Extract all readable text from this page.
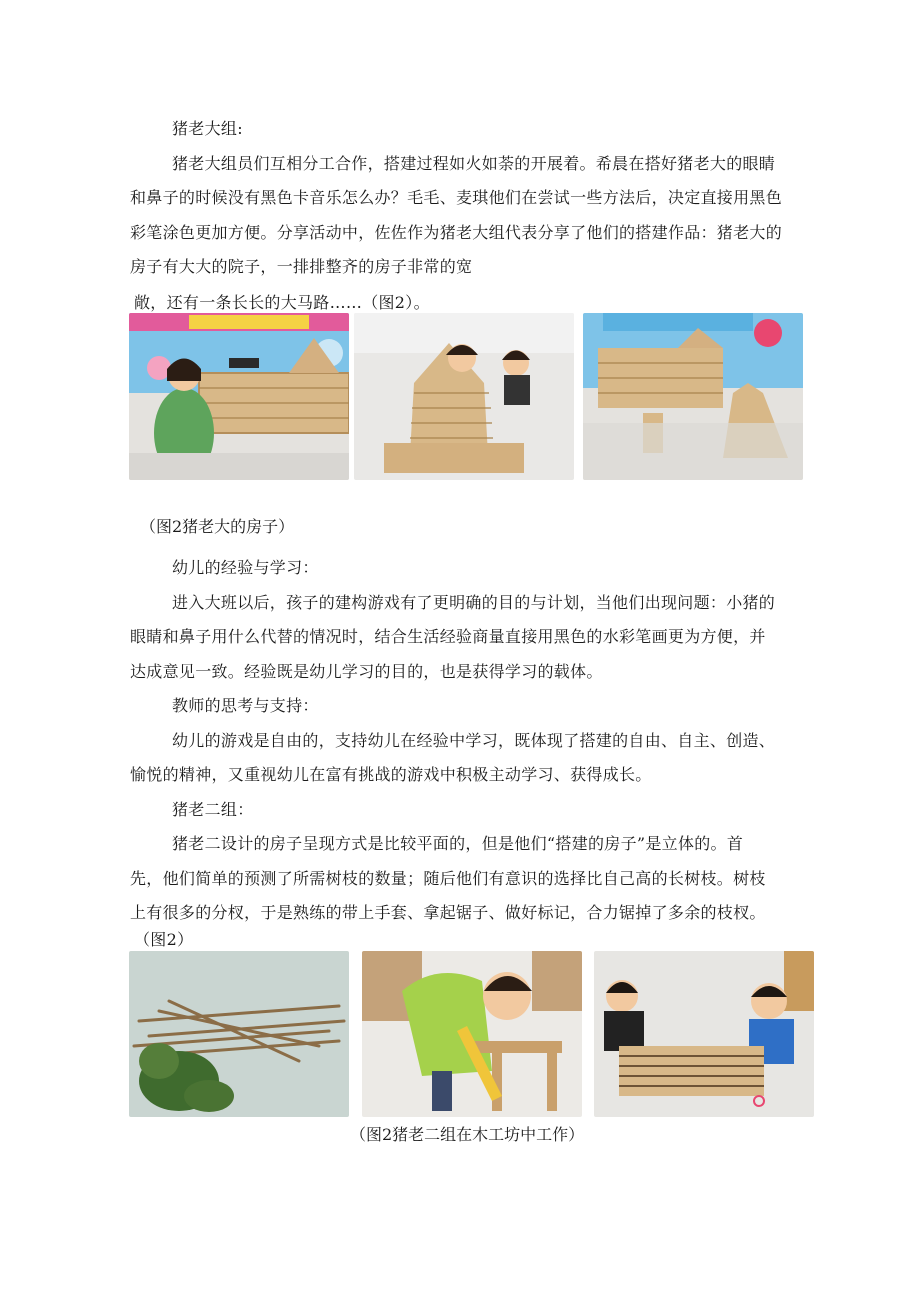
猪老大组:

猪老大组员们互相分工合作，搭建过程如火如荼的开展着。希晨在搭好猪老大的眼睛

和鼻子的时候没有黑色卡音乐怎么办？毛毛、麦琪他们在尝试一些方法后，决定直接用黑色

彩笔涂色更加方便。分享活动中，佐佐作为猪老大组代表分享了他们的搭建作品：猪老大的

房子有大大的院子，一排排整齐的房子非常的宽

敞，还有一条长长的大马路……（图2）。

（图2猪老大的房子）

幼儿的经验与学习：

进入大班以后，孩子的建构游戏有了更明确的目的与计划，当他们出现问题：小猪的

眼睛和鼻子用什么代替的情况时，结合生活经验商量直接用黑色的水彩笔画更为方便，并

达成意见一致。经验既是幼儿学习的目的，也是获得学习的载体。

教师的思考与支持：

幼儿的游戏是自由的，支持幼儿在经验中学习，既体现了搭建的自由、自主、创造、

愉悦的精神，又重视幼儿在富有挑战的游戏中积极主动学习、获得成长。

猪老二组：

猪老二设计的房子呈现方式是比较平面的，但是他们“搭建的房子”是立体的。首

先，他们简单的预测了所需树枝的数量；随后他们有意识的选择比自己高的长树枝。树枝

上有很多的分杈，于是熟练的带上手套、拿起锯子、做好标记，合力锯掉了多余的枝杈。

（图2）

（图2猪老二组在木工坊中工作）
